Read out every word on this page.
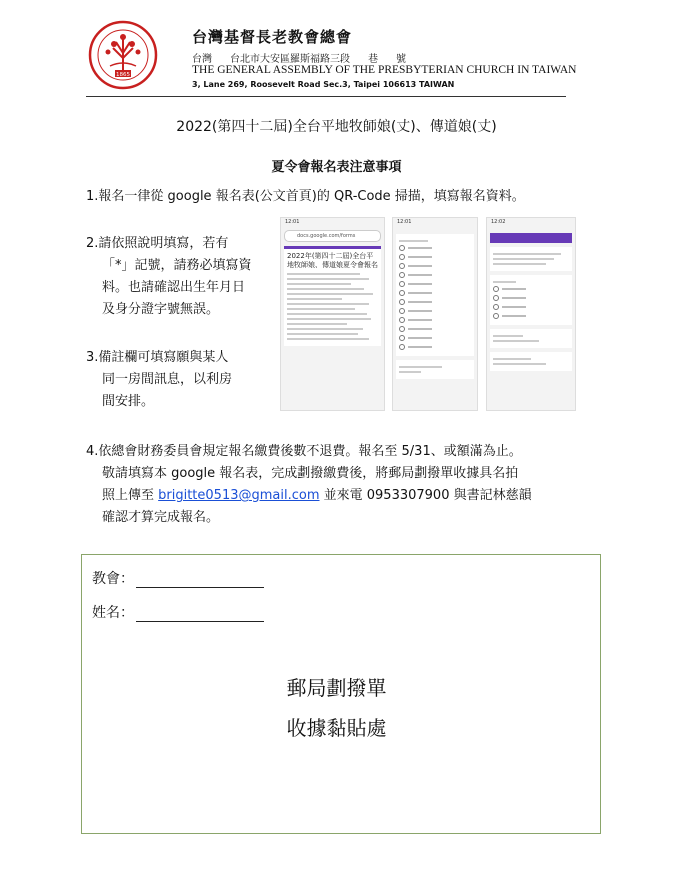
1865
台灣基督長老教會總會
台灣 台北市大安區羅斯福路三段 巷 號
THE GENERAL ASSEMBLY OF THE PRESBYTERIAN CHURCH IN TAIWAN
3, Lane 269, Roosevelt Road Sec.3, Taipei 106613 TAIWAN
2022(第四十二屆)全台平地牧師娘(丈)、傳道娘(丈)
夏令會報名表注意事項
1.報名一律從 google 報名表(公文首頁)的 QR-Code 掃描，填寫報名資料。
2.請依照說明填寫，若有
「*」記號，請務必填寫資
料。也請確認出生年月日
及身分證字號無誤。
3.備註欄可填寫願與某人
同一房間訊息，以利房
間安排。
4.依總會財務委員會規定報名繳費後數不退費。報名至 5/31、或額滿為止。
敬請填寫本 google 報名表，完成劃撥繳費後，將郵局劃撥單收據具名拍
照上傳至 brigitte0513@gmail.com 並來電 0953307900 與書記林慈韻
確認才算完成報名。
12:01
docs.google.com/forms
2022年(第四十二屆)全台平地牧師娘、傳道娘夏令會報名
12:01	12:02
教會：
姓名：
郵局劃撥單
收據黏貼處
